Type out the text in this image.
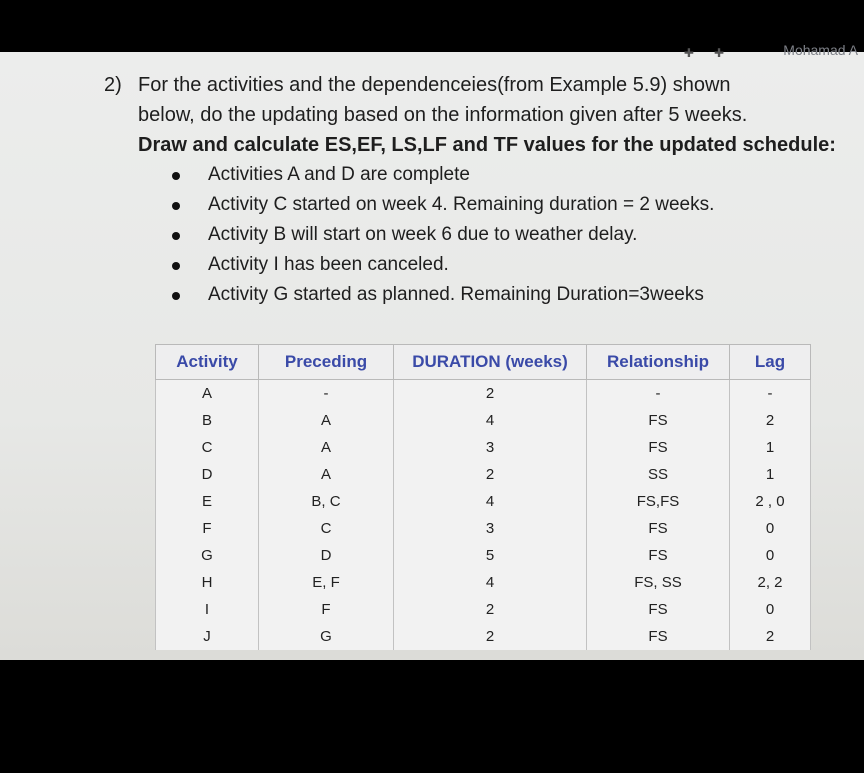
✚✚	Mohamad A
2) For the activities and the dependenceies(from Example 5.9) shown
below, do the updating based on the information given after 5 weeks.
Draw and calculate ES,EF, LS,LF and TF values for the updated schedule:
Activities A and D are complete
Activity C started on week 4. Remaining duration = 2 weeks.
Activity B will start on week 6 due to weather delay.
Activity I has been canceled.
Activity G started as planned. Remaining Duration=3weeks
Activity	Preceding	DURATION (weeks)	Relationship	Lag
A	-	2	-	-
B	A	4	FS	2
C	A	3	FS	1
D	A	2	SS	1
E	B, C	4	FS,FS	2 , 0
F	C	3	FS	0
G	D	5	FS	0
H	E, F	4	FS, SS	2, 2
I	F	2	FS	0
J	G	2	FS	2
